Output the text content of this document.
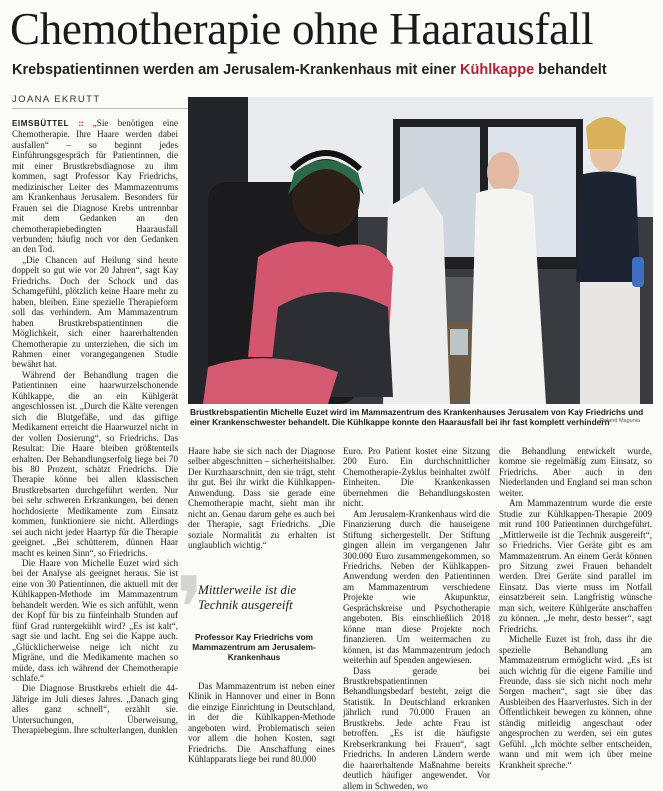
Chemotherapie ohne Haarausfall
Krebspatientinnen werden am Jerusalem-Krankenhaus mit einer Kühlkappe behandelt
JOANA EKRUTT

EIMSBÜTTEL :: „Sie benötigen eine Chemotherapie. Ihre Haare werden dabei ausfallen“ – so beginnt jedes Einführungsgespräch für Patientinnen, die mit einer Brustkrebsdiagnose zu ihm kommen, sagt Professor Kay Friedrichs, medizinischer Leiter des Mammazentrums am Krankenhaus Jerusalem. Besonders für Frauen sei die Diagnose Krebs untrennbar mit dem Gedanken an den chemotherapiebedingten Haarausfall verbunden; häufig noch vor den Gedanken an den Tod.

„Die Chancen auf Heilung sind heute doppelt so gut wie vor 20 Jahren“, sagt Kay Friedrichs. Doch der Schock und das Schamgefühl, plötzlich keine Haare mehr zu haben, bleiben. Eine spezielle Therapieform soll das verhindern. Am Mammazentrum haben Brustkrebspatientinnen die Möglichkeit, sich einer haarerhaltenden Chemotherapie zu unterziehen, die sich im Rahmen einer vorangegangenen Studie bewährt hat.

Während der Behandlung tragen die Patientinnen eine haarwurzelschonende Kühlkappe, die an ein Kühlgerät angeschlossen ist. „Durch die Kälte verengen sich die Blutgefäße, und das giftige Medikament erreicht die Haarwurzel nicht in der vollen Dosierung“, so Friedrichs. Das Resultat: Die Haare bleiben größtenteils erhalten. Der Behandlungserfolg liege bei 70 bis 80 Prozent, schätzt Friedrichs. Die Therapie könne bei allen klassischen Brustkrebsarten durchgeführt werden. Nur bei sehr schweren Erkrankungen, bei denen hochdosierte Medikamente zum Einsatz kommen, funktioniere sie nicht. Allerdings sei auch nicht jeder Haartyp für die Therapie geeignet. „Bei schütterem, dünnen Haar macht es keinen Sinn“, so Friedrichs.

Die Haare von Michelle Euzet wird sich bei der Analyse als geeignet heraus. Sie ist eine von 30 Patientinnen, die aktuell mit der Kühlkappen-Methode im Mammazentrum behandelt werden. Wie es sich anfühlt, wenn der Kopf für bis zu fünfeinhalb Stunden auf fünf Grad runtergekühlt wird? „Es ist kalt“, sagt sie und lacht. Eng sei die Kappe auch. „Glücklicherweise neige ich nicht zu Migräne, und die Medikamente machen so müde, dass ich während der Chemotherapie schlafe.“

Die Diagnose Brustkrebs erhielt die 44-Jährige im Juli dieses Jahres. „Danach ging alles ganz schnell“, erzählt sie. Untersuchungen, Überweisung, Therapiebeginn. Ihre schulterlangen, dunklen

Brustkrebspatientin Michelle Euzet wird im Mammazentrum des Krankenhauses Jerusalem von Kay Friedrichs und einer Krankenschwester behandelt. Die Kühlkappe konnte den Haarausfall bei ihr fast komplett verhindern
Roland Magunia

Haare habe sie sich nach der Diagnose selber abgeschnitten – sicherheitshalber. Der Kurzhaarschnitt, den sie trägt, steht ihr gut. Bei ihr wirkt die Kühlkappen-Anwendung. Dass sie gerade eine Chemotherapie macht, sieht man ihr nicht an. Genau darum gehe es auch bei der Therapie, sagt Friedrichs. „Die soziale Normalität zu erhalten ist unglaublich wichtig.“

❜
Mittlerweile ist die Technik ausgereift
Professor Kay Friedrichs vom Mammazentrum am Jerusalem-Krankenhaus

Das Mammazentrum ist neben einer Klinik in Hannover und einer in Bonn die einzige Einrichtung in Deutschland, in der die Kühlkappen-Methode angeboten wird. Problematisch seien vor allem die hohen Kosten, sagt Friedrichs. Die Anschaffung eines Kühlapparats liege bei rund 80.000

Euro. Pro Patient kostet eine Sitzung 200 Euro. Ein durchschnittlicher Chemotherapie-Zyklus beinhaltet zwölf Einheiten. Die Krankenkassen übernehmen die Behandlungskosten nicht.

Am Jerusalem-Krankenhaus wird die Finanzierung durch die hauseigene Stiftung sichergestellt. Der Stiftung gingen allein im vergangenen Jahr 300.000 Euro zusammengekommen, so Friedrichs. Neben der Kühlkappen-Anwendung werden den Patientinnen am Mammazentrum verschiedene Projekte wie Akupunktur, Gesprächskreise und Psychotherapie angeboten. Bis einschließlich 2018 könne man diese Projekte noch finanzieren. Um weitermachen zu können, ist das Mammazentrum jedoch weiterhin auf Spenden angewiesen.

Dass gerade bei Brustkrebspatientinnen Behandlungsbedarf besteht, zeigt die Statistik. In Deutschland erkranken jährlich rund 70.000 Frauen an Brustkrebs. Jede achte Frau ist betroffen. „Es ist die häufigste Krebserkrankung bei Frauen“, sagt Friedrichs. In anderen Ländern werde die haarerhaltende Maßnahme bereits deutlich häufiger angewendet. Vor allem in Schweden, wo

die Behandlung entwickelt wurde, komme sie regelmäßig zum Einsatz, so Friedrichs. Aber auch in den Niederlanden und England sei man schon weiter.

Am Mammazentrum wurde die erste Studie zur Kühlkappen-Therapie 2009 mit rund 100 Patientinnen durchgeführt. „Mittlerweile ist die Technik ausgereift“, so Friedrichs. Vier Geräte gibt es am Mammazentrum. An einem Gerät können pro Sitzung zwei Frauen behandelt werden. Drei Geräte sind parallel im Einsatz. Das vierte muss im Notfall einsatzbereit sein. Langfristig wünsche man sich, weitere Kühlgeräte anschaffen zu können. „Je mehr, desto besser“, sagt Friedrichs.

Michelle Euzet ist froh, dass ihr die spezielle Behandlung am Mammazentrum ermöglicht wird. „Es ist auch wichtig für die eigene Familie und Freunde, dass sie sich nicht noch mehr Sorgen machen“, sagt sie über das Ausbleiben des Haarverlustes. Sich in der Öffentlichkeit bewegen zu können, ohne ständig mitleidig angeschaut oder angesprochen zu werden, sei ein gutes Gefühl. „Ich möchte selber entscheiden, wann und mit wem ich über meine Krankheit spreche.“
